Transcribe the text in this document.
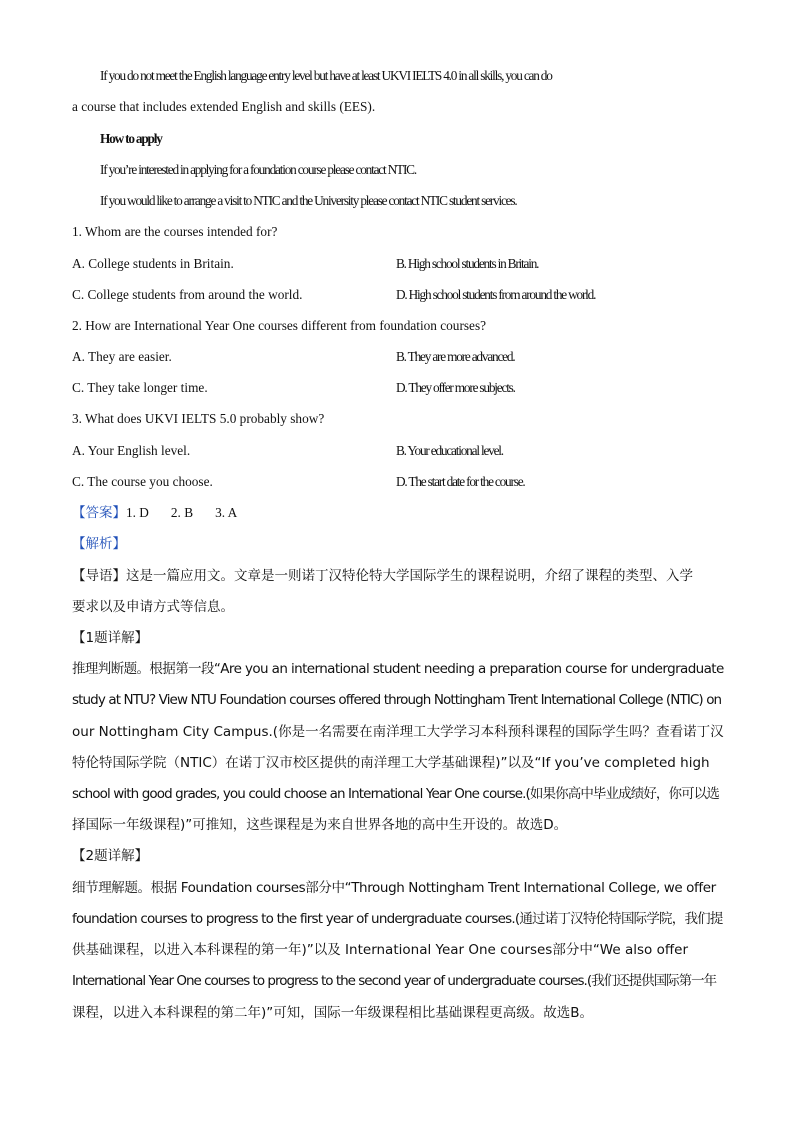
If you do not meet the English language entry level but have at least UKVI IELTS 4.0 in all skills, you can do
a course that includes extended English and skills (EES).
How to apply
If you’re interested in applying for a foundation course please contact NTIC.
If you would like to arrange a visit to NTIC and the University please contact NTIC student services.
1. Whom are the courses intended for?
A. College students in Britain.	B. High school students in Britain.
C. College students from around the world.	D. High school students from around the world.
2. How are International Year One courses different from foundation courses?
A. They are easier.	B. They are more advanced.
C. They take longer time.	D. They offer more subjects.
3. What does UKVI IELTS 5.0 probably show?
A. Your English level.	B. Your educational level.
C. The course you choose.	D. The start date for the course.
【答案】1. D 2. B 3. A
【解析】
【导语】这是一篇应用文。文章是一则诺丁汉特伦特大学国际学生的课程说明，介绍了课程的类型、入学
要求以及申请方式等信息。
【1题详解】
推理判断题。根据第一段“Are you an international student needing a preparation course for undergraduate
study at NTU? View NTU Foundation courses offered through Nottingham Trent International College (NTIC) on
our Nottingham City Campus.(你是一名需要在南洋理工大学学习本科预科课程的国际学生吗？查看诺丁汉
特伦特国际学院（NTIC）在诺丁汉市校区提供的南洋理工大学基础课程)”以及“If you’ve completed high
school with good grades, you could choose an International Year One course.(如果你高中毕业成绩好，你可以选
择国际一年级课程)”可推知，这些课程是为来自世界各地的高中生开设的。故选D。
【2题详解】
细节理解题。根据 Foundation courses部分中“Through Nottingham Trent International College, we offer
foundation courses to progress to the first year of undergraduate courses.(通过诺丁汉特伦特国际学院，我们提
供基础课程，以进入本科课程的第一年)”以及 International Year One courses部分中“We also offer
International Year One courses to progress to the second year of undergraduate courses.(我们还提供国际第一年
课程，以进入本科课程的第二年)”可知，国际一年级课程相比基础课程更高级。故选B。
